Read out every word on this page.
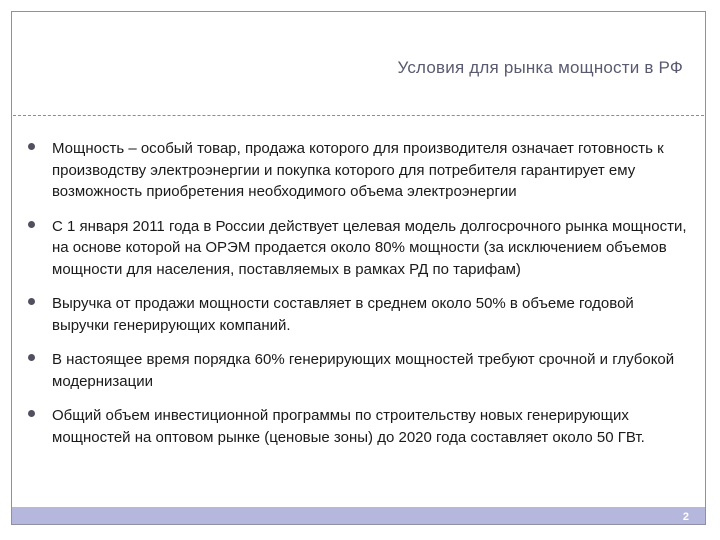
Условия для рынка мощности в РФ

Мощность – особый товар, продажа которого для производителя означает готовность к производству электроэнергии и покупка которого для потребителя гарантирует ему возможность приобретения необходимого объема электроэнергии

С 1 января 2011 года в России действует целевая модель долгосрочного рынка мощности, на основе которой на ОРЭМ продается около 80% мощности (за исключением объемов мощности для населения, поставляемых в рамках РД по тарифам)

Выручка от продажи мощности составляет в среднем около 50% в объеме годовой выручки генерирующих компаний.

В настоящее время порядка 60% генерирующих мощностей требуют срочной и глубокой модернизации

Общий объем инвестиционной программы по строительству новых генерирующих мощностей на оптовом рынке (ценовые зоны) до 2020 года составляет около 50 ГВт.

2
